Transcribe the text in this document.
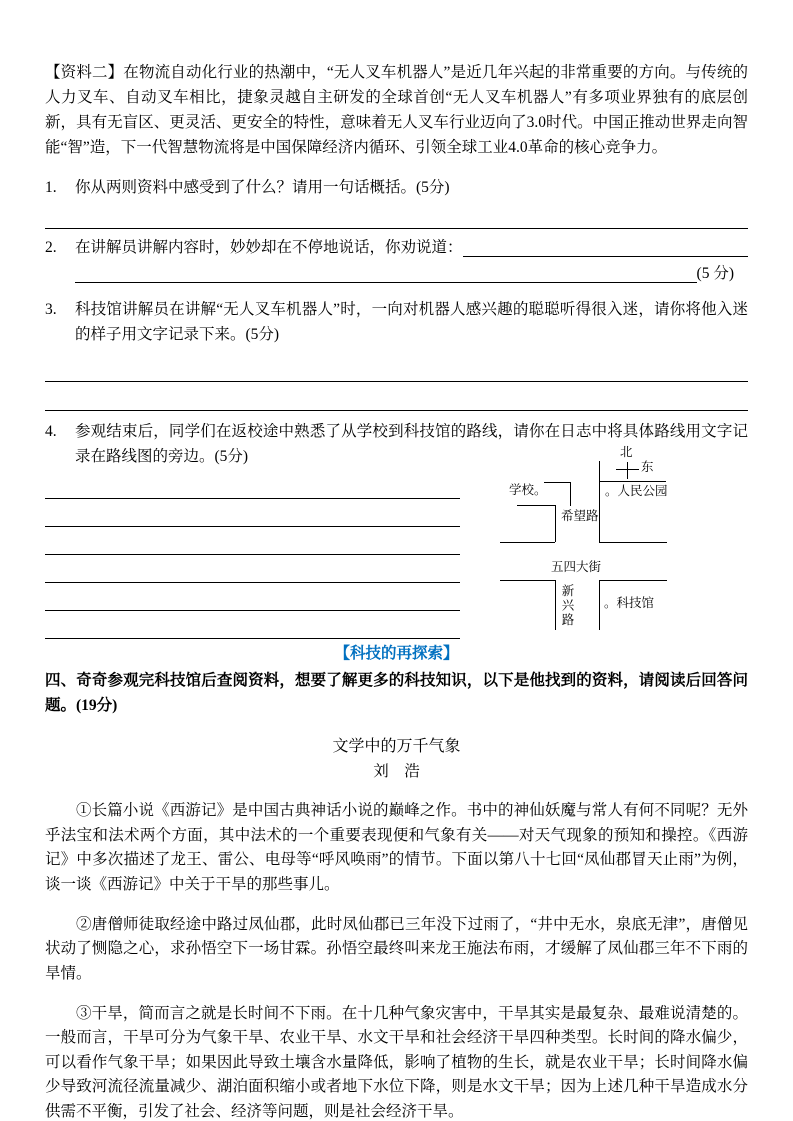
【资料二】在物流自动化行业的热潮中，“无人叉车机器人”是近几年兴起的非常重要的方向。与传统的人力叉车、自动叉车相比，捷象灵越自主研发的全球首创“无人叉车机器人”有多项业界独有的底层创新，具有无盲区、更灵活、更安全的特性，意味着无人叉车行业迈向了3.0时代。中国正推动世界走向智能“智”造，下一代智慧物流将是中国保障经济内循环、引领全球工业4.0革命的核心竞争力。

1. 你从两则资料中感受到了什么？请用一句话概括。(5分)
2. 在讲解员讲解内容时，妙妙却在不停地说话，你劝说道：
(5 分)
3. 科技馆讲解员在讲解“无人叉车机器人”时，一向对机器人感兴趣的聪聪听得很入迷，请你将他入迷的样子用文字记录下来。(5分)
4. 参观结束后，同学们在返校途中熟悉了从学校到科技馆的路线，请你在日志中将具体路线用文字记录在路线图的旁边。(5分)	北
东
学校。	。人民公园
希望路
五四大街
新兴路 。科技馆
【科技的再探索】

四、奇奇参观完科技馆后查阅资料，想要了解更多的科技知识，以下是他找到的资料，请阅读后回答问题。(19分)

文学中的万千气象
刘　浩

①长篇小说《西游记》是中国古典神话小说的巅峰之作。书中的神仙妖魔与常人有何不同呢？无外乎法宝和法术两个方面，其中法术的一个重要表现便和气象有关——对天气现象的预知和操控。《西游记》中多次描述了龙王、雷公、电母等“呼风唤雨”的情节。下面以第八十七回“凤仙郡冒天止雨”为例，谈一谈《西游记》中关于干旱的那些事儿。

②唐僧师徒取经途中路过凤仙郡，此时凤仙郡已三年没下过雨了，“井中无水，泉底无津”，唐僧见状动了恻隐之心，求孙悟空下一场甘霖。孙悟空最终叫来龙王施法布雨，才缓解了凤仙郡三年不下雨的旱情。

③干旱，简而言之就是长时间不下雨。在十几种气象灾害中，干旱其实是最复杂、最难说清楚的。一般而言，干旱可分为气象干旱、农业干旱、水文干旱和社会经济干旱四种类型。长时间的降水偏少，可以看作气象干旱；如果因此导致土壤含水量降低，影响了植物的生长，就是农业干旱；长时间降水偏少导致河流径流量减少、湖泊面积缩小或者地下水位下降，则是水文干旱；因为上述几种干旱造成水分供需不平衡，引发了社会、经济等问题，则是社会经济干旱。
